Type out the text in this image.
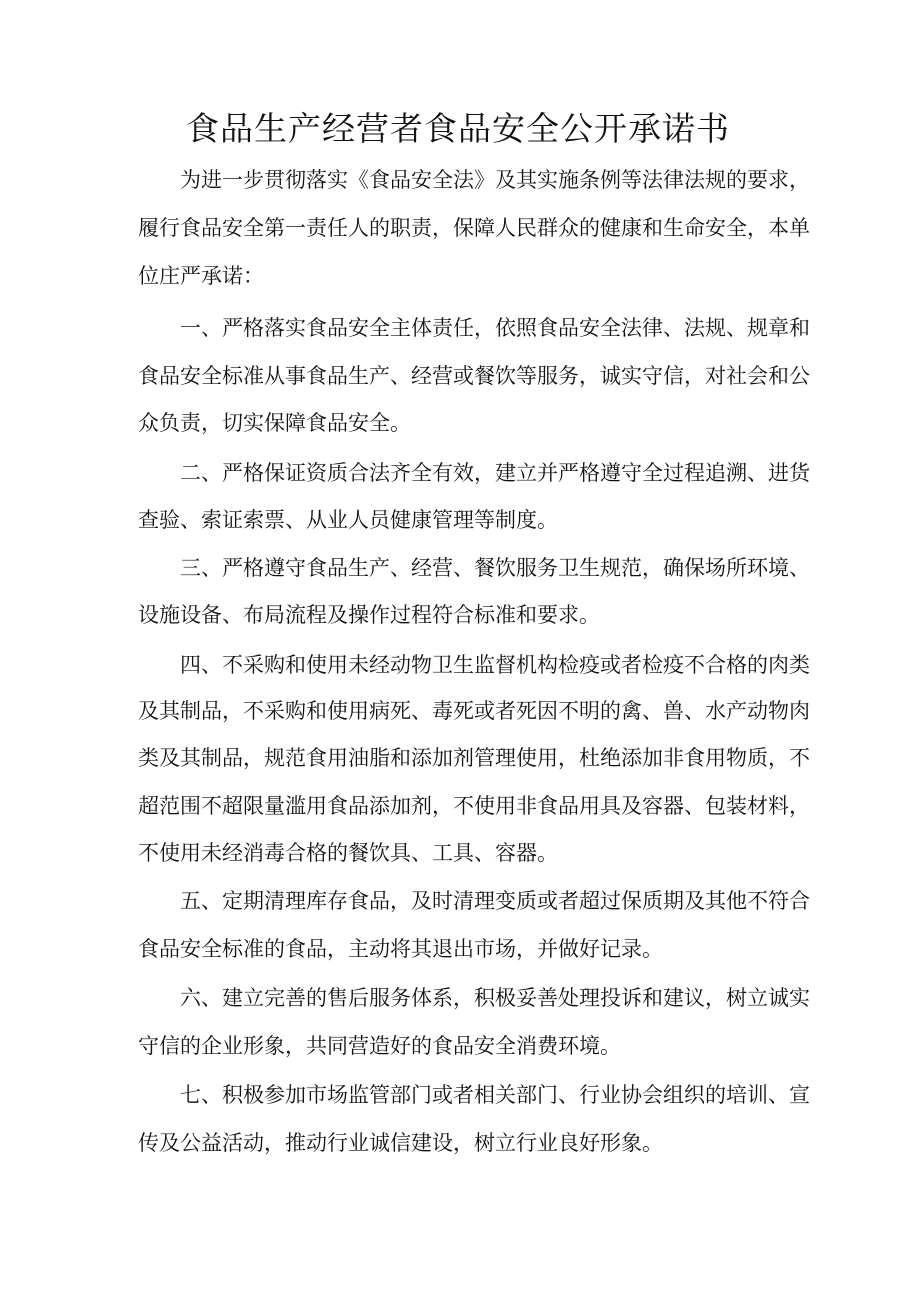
食品生产经营者食品安全公开承诺书
为进一步贯彻落实《食品安全法》及其实施条例等法律法规的要求，
履行食品安全第一责任人的职责，保障人民群众的健康和生命安全，本单
位庄严承诺：
一、严格落实食品安全主体责任，依照食品安全法律、法规、规章和
食品安全标准从事食品生产、经营或餐饮等服务，诚实守信，对社会和公
众负责，切实保障食品安全。
二、严格保证资质合法齐全有效，建立并严格遵守全过程追溯、进货
查验、索证索票、从业人员健康管理等制度。
三、严格遵守食品生产、经营、餐饮服务卫生规范，确保场所环境、
设施设备、布局流程及操作过程符合标准和要求。
四、不采购和使用未经动物卫生监督机构检疫或者检疫不合格的肉类
及其制品，不采购和使用病死、毒死或者死因不明的禽、兽、水产动物肉
类及其制品，规范食用油脂和添加剂管理使用，杜绝添加非食用物质，不
超范围不超限量滥用食品添加剂，不使用非食品用具及容器、包装材料，
不使用未经消毒合格的餐饮具、工具、容器。
五、定期清理库存食品，及时清理变质或者超过保质期及其他不符合
食品安全标准的食品，主动将其退出市场，并做好记录。
六、建立完善的售后服务体系，积极妥善处理投诉和建议，树立诚实
守信的企业形象，共同营造好的食品安全消费环境。
七、积极参加市场监管部门或者相关部门、行业协会组织的培训、宣
传及公益活动，推动行业诚信建设，树立行业良好形象。
